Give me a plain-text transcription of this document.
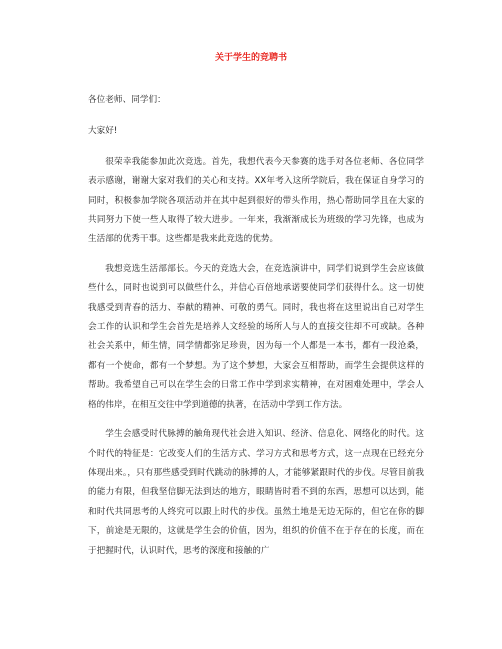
关于学生的竞聘书

各位老师、同学们：

大家好!

很荣幸我能参加此次竞选。首先，我想代表今天参赛的选手对各位老师、各位同学表示感谢，谢谢大家对我们的关心和支持。XX年考入这所学院后，我在保证自身学习的同时，积极参加学院各项活动并在其中起到很好的带头作用，热心帮助同学且在大家的共同努力下使一些人取得了较大进步。一年来，我渐渐成长为班级的学习先锋，也成为生活部的优秀干事。这些都是我来此竞选的优势。

我想竞选生活部部长。今天的竞选大会，在竞选演讲中，同学们说到学生会应该做些什么，同时也说到可以做些什么，并信心百倍地承诺要使同学们获得什么。这一切使我感受到青春的活力、奉献的精神、可敬的勇气。同时，我也将在这里说出自己对学生会工作的认识和学生会首先是培养人文经验的场所人与人的直接交往却不可或缺。各种社会关系中，师生情，同学情都弥足珍贵，因为每一个人都是一本书，都有一段沧桑，都有一个使命，都有一个梦想。为了这个梦想，大家会互相帮助，而学生会提供这样的帮助。我希望自己可以在学生会的日常工作中学到求实精神，在对困难处理中，学会人格的伟岸，在相互交往中学到道德的执著，在活动中学到工作方法。

学生会感受时代脉搏的触角现代社会进入知识、经济、信息化、网络化的时代。这个时代的特征是：它改变人们的生活方式、学习方式和思考方式，这一点现在已经充分体现出来。，只有那些感受到时代跳动的脉搏的人，才能够紧跟时代的步伐。尽管目前我的能力有限，但我坚信脚无法到达的地方，眼睛皆时看不到的东西，思想可以达到，能和时代共同思考的人终究可以跟上时代的步伐。虽然土地是无边无际的，但它在你的脚下，前途是无限的，这就是学生会的价值，因为，组织的价值不在于存在的长度，而在于把握时代，认识时代，思考的深度和接触的广
